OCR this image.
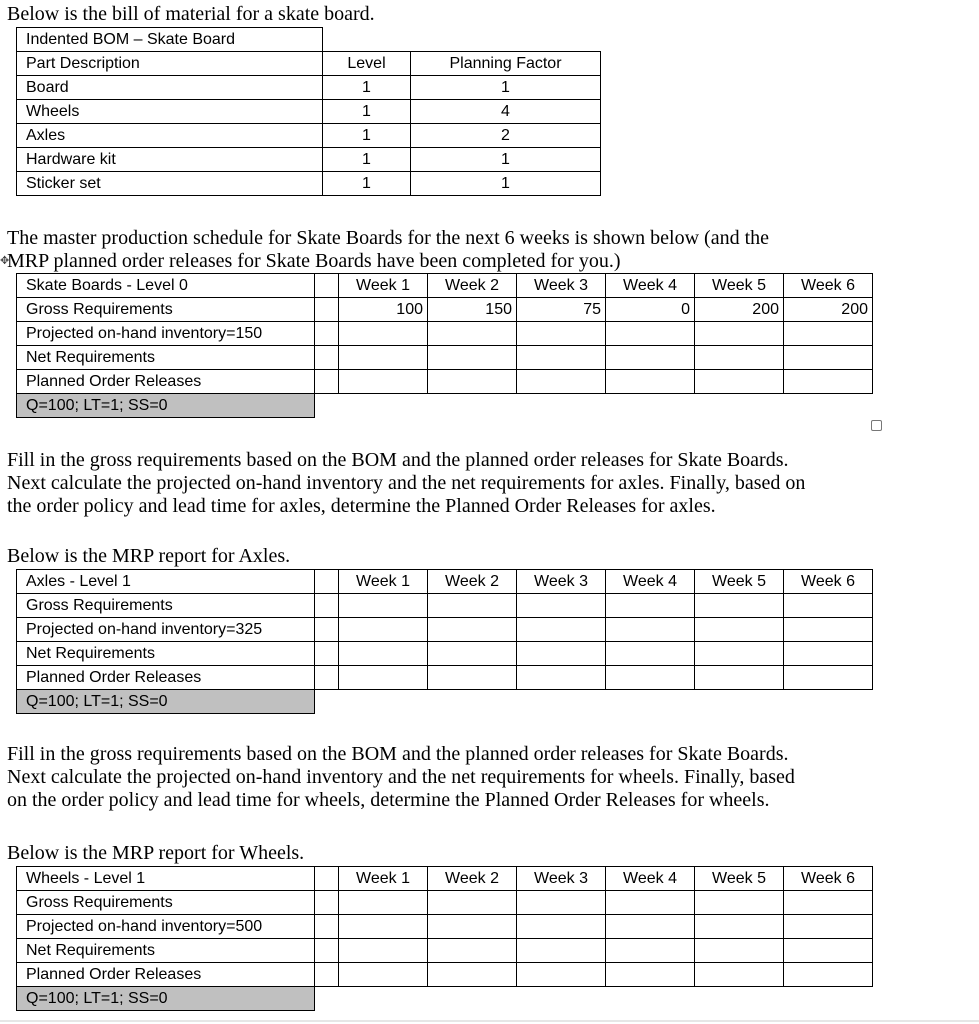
Below is the bill of material for a skate board.
Indented BOM – Skate Board		
Part Description	Level	Planning Factor
Board	1	1
Wheels	1	4
Axles	1	2
Hardware kit	1	1
Sticker set	1	1

The master production schedule for Skate Boards for the next 6 weeks is shown below (and the

MRP planned order releases for Skate Boards have been completed for you.)

✥
Skate Boards - Level 0		Week 1	Week 2	Week 3	Week 4	Week 5	Week 6
Gross Requirements		100	150	75	0	200	200
Projected on-hand inventory=150							
Net Requirements							
Planned Order Releases							
Q=100; LT=1; SS=0							

Fill in the gross requirements based on the BOM and the planned order releases for Skate Boards.

Next calculate the projected on-hand inventory and the net requirements for axles. Finally, based on

the order policy and lead time for axles, determine the Planned Order Releases for axles.

Below is the MRP report for Axles.
Axles - Level 1		Week 1	Week 2	Week 3	Week 4	Week 5	Week 6
Gross Requirements							
Projected on-hand inventory=325							
Net Requirements							
Planned Order Releases							
Q=100; LT=1; SS=0							

Fill in the gross requirements based on the BOM and the planned order releases for Skate Boards.

Next calculate the projected on-hand inventory and the net requirements for wheels. Finally, based

on the order policy and lead time for wheels, determine the Planned Order Releases for wheels.

Below is the MRP report for Wheels.
Wheels - Level 1		Week 1	Week 2	Week 3	Week 4	Week 5	Week 6
Gross Requirements							
Projected on-hand inventory=500							
Net Requirements							
Planned Order Releases							
Q=100; LT=1; SS=0							
